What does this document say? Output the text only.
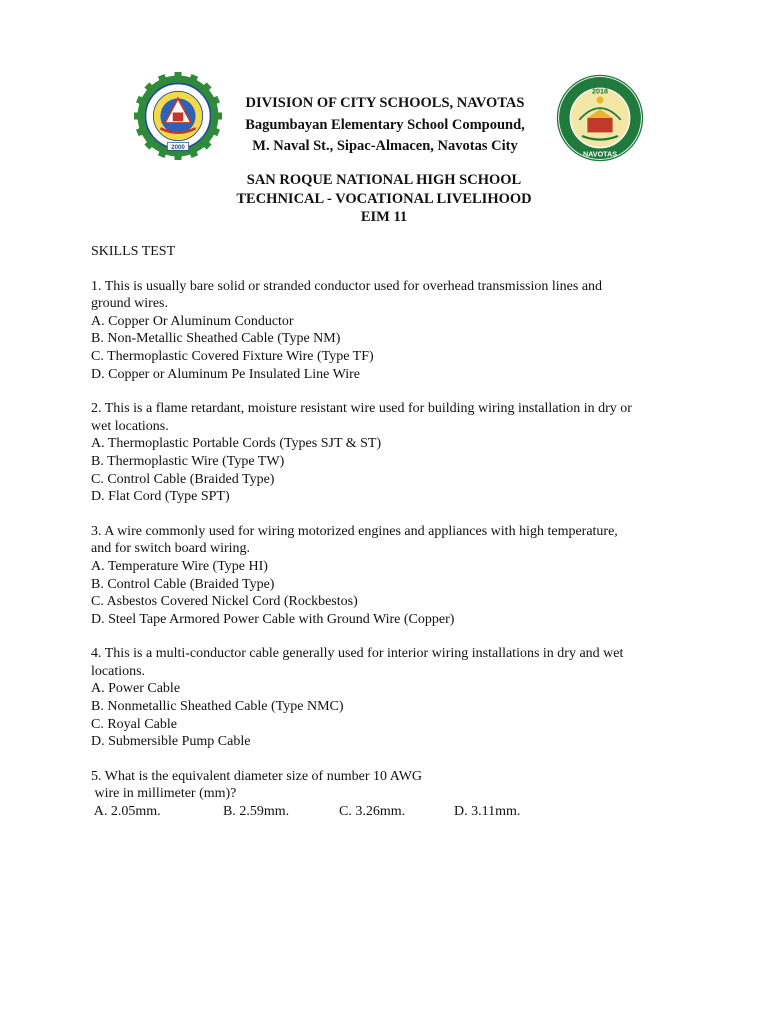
2000
2018
NAVOTAS
DIVISION OF CITY SCHOOLS, NAVOTAS
Bagumbayan Elementary School Compound,
M. Naval St., Sipac-Almacen, Navotas City
SAN ROQUE NATIONAL HIGH SCHOOL
TECHNICAL - VOCATIONAL LIVELIHOOD
EIM 11
SKILLS TEST
1. This is usually bare solid or stranded conductor used for overhead transmission lines and
ground wires.
A. Copper Or Aluminum Conductor
B. Non-Metallic Sheathed Cable (Type NM)
C. Thermoplastic Covered Fixture Wire (Type TF)
D. Copper or Aluminum Pe Insulated Line Wire
2. This is a flame retardant, moisture resistant wire used for building wiring installation in dry or
wet locations.
A. Thermoplastic Portable Cords (Types SJT & ST)
B. Thermoplastic Wire (Type TW)
C. Control Cable (Braided Type)
D. Flat Cord (Type SPT)
3. A wire commonly used for wiring motorized engines and appliances with high temperature,
and for switch board wiring.
A. Temperature Wire (Type HI)
B. Control Cable (Braided Type)
C. Asbestos Covered Nickel Cord (Rockbestos)
D. Steel Tape Armored Power Cable with Ground Wire (Copper)
4. This is a multi-conductor cable generally used for interior wiring installations in dry and wet
locations.
A. Power Cable
B. Nonmetallic Sheathed Cable (Type NMC)
C. Royal Cable
D. Submersible Pump Cable
5. What is the equivalent diameter size of number 10 AWG
wire in millimeter (mm)?
A. 2.05mm.	B. 2.59mm.	C. 3.26mm.	D. 3.11mm.
